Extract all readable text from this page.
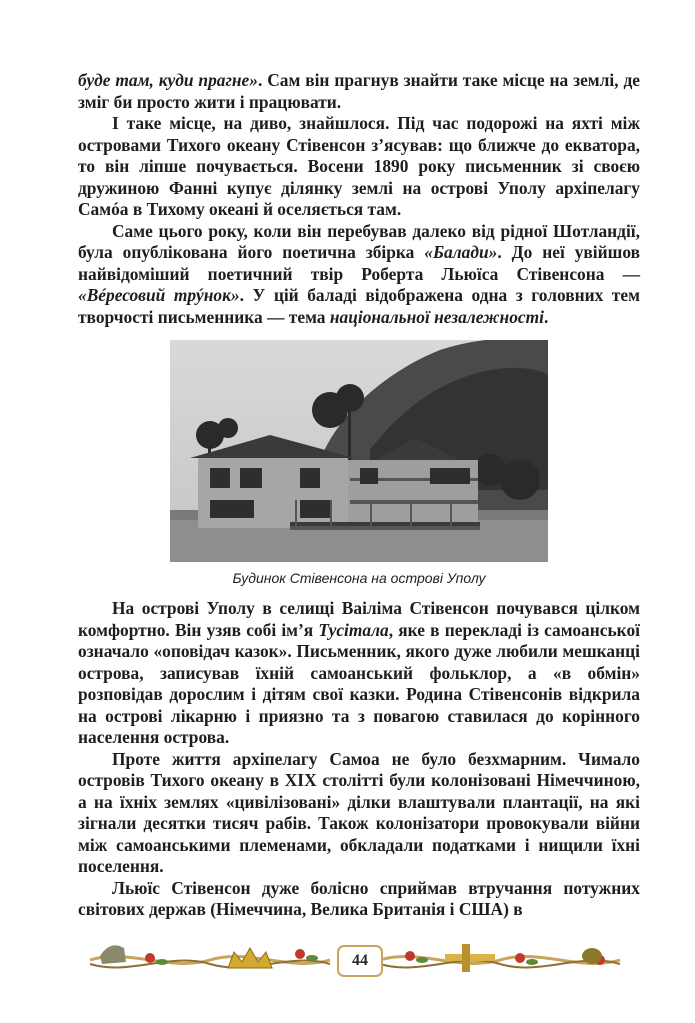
буде там, куди прагне». Сам він прагнув знайти таке місце на землі, де зміг би просто жити і працювати.

І таке місце, на диво, знайшлося. Під час подорожі на яхті між островами Тихого океану Стівенсон з’ясував: що ближче до екватора, то він ліпше почувається. Восени 1890 року письменник зі своєю дружиною Фанні купує ділянку землі на острові Уполу архіпелагу Самóа в Тихому океані й оселяється там.

Саме цього року, коли він перебував далеко від рідної Шотландії, була опублікована його поетична збірка «Балади». До неї увійшов найвідоміший поетичний твір Роберта Льюїса Стівенсона — «Вéресовий трýнок». У цій баладі відображена одна з головних тем творчості письменника — тема національної незалежності.

Будинок Стівенсона на острові Уполу

На острові Уполу в селищі Ваіліма Стівенсон почувався цілком комфортно. Він узяв собі ім’я Тусітала, яке в перекладі із самоанської означало «оповідач казок». Письменник, якого дуже любили мешканці острова, записував їхній самоанський фольклор, а «в обмін» розповідав дорослим і дітям свої казки. Родина Стівенсонів відкрила на острові лікарню і приязно та з повагою ставилася до корінного населення острова.

Проте життя архіпелагу Самоа не було безхмарним. Чимало островів Тихого океану в XIX столітті були колонізовані Німеччиною, а на їхніх землях «цивілізовані» ділки влаштували плантації, на які зігнали десятки тисяч рабів. Також колонізатори провокували війни між самоанськими племенами, обкладали податками і нищили їхні поселення.

Льюїс Стівенсон дуже болісно сприймав втручання потужних світових держав (Німеччина, Велика Британія і США) в

44
